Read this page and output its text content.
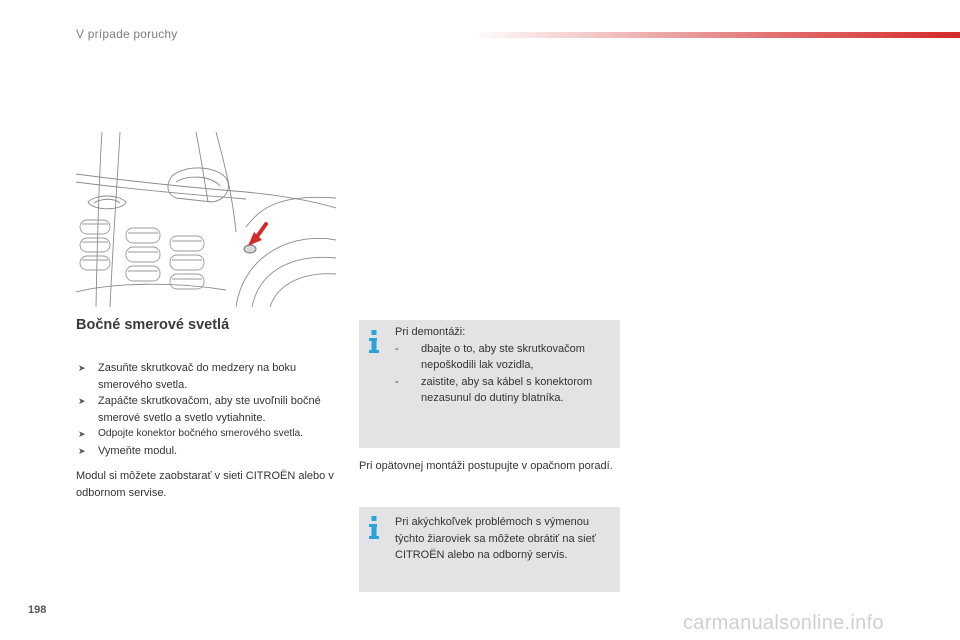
V prípade poruchy
Bočné smerové svetlá
➤ Zasuňte skrutkovač do medzery na boku smerového svetla.
➤ Zapáčte skrutkovačom, aby ste uvoľnili bočné smerové svetlo a svetlo vytiahnite.
➤ Odpojte konektor bočného smerového svetla.
➤ Vymeňte modul.
Modul si môžete zaobstarať v sieti CITROËN alebo v odbornom servise.
Pri demontáži:
- dbajte o to, aby ste skrutkovačom nepoškodili lak vozidla,
- zaistite, aby sa kábel s konektorom nezasunul do dutiny blatníka.
Pri opätovnej montáži postupujte v opačnom poradí.
Pri akýchkoľvek problémoch s výmenou týchto žiaroviek sa môžete obrátiť na sieť CITROËN alebo na odborný servis.
198
carmanualsonline.info
